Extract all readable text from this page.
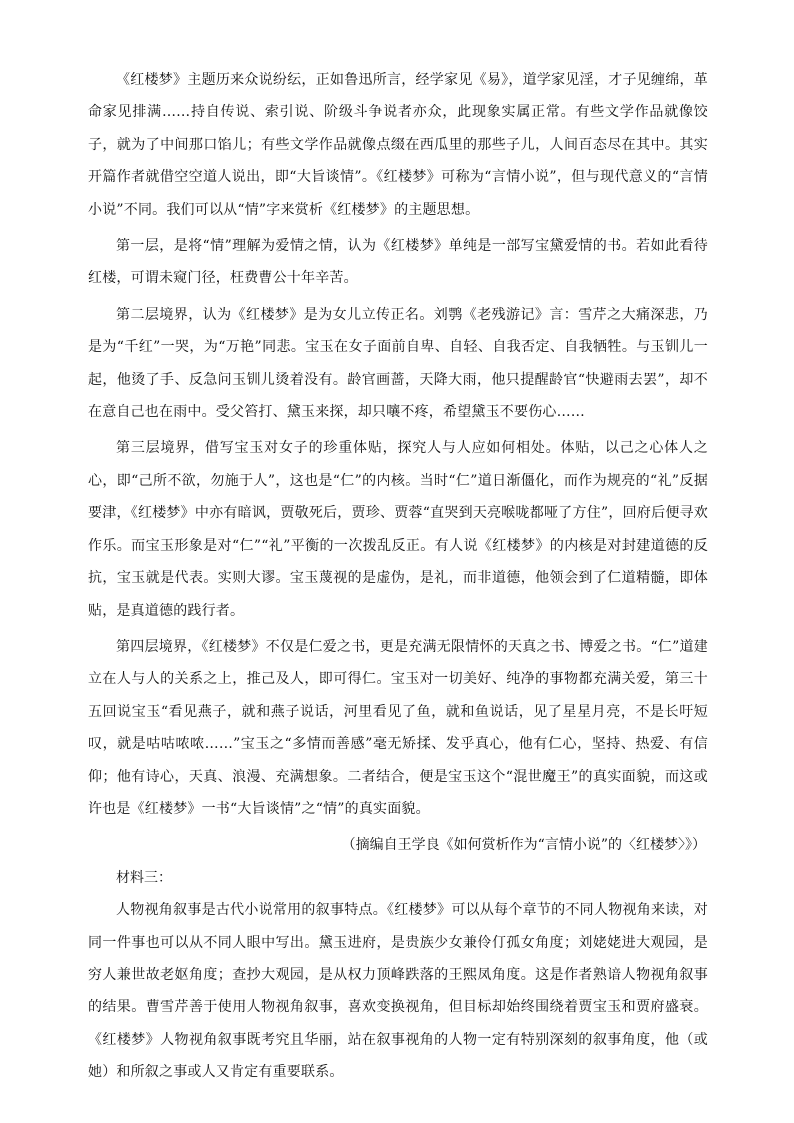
《红楼梦》主题历来众说纷纭，正如鲁迅所言，经学家见《易》，道学家见淫，才子见缠绵，革命家见排满……持自传说、索引说、阶级斗争说者亦众，此现象实属正常。有些文学作品就像饺子，就为了中间那口馅儿；有些文学作品就像点缀在西瓜里的那些子儿，人间百态尽在其中。其实开篇作者就借空空道人说出，即“大旨谈情”。《红楼梦》可称为“言情小说”，但与现代意义的“言情小说”不同。我们可以从“情”字来赏析《红楼梦》的主题思想。

第一层，是将“情”理解为爱情之情，认为《红楼梦》单纯是一部写宝黛爱情的书。若如此看待红楼，可谓未窥门径，枉费曹公十年辛苦。

第二层境界，认为《红楼梦》是为女儿立传正名。刘鹗《老残游记》言：雪芹之大痛深悲，乃是为“千红”一哭，为“万艳”同悲。宝玉在女子面前自卑、自轻、自我否定、自我牺牲。与玉钏儿一起，他烫了手、反急问玉钏儿烫着没有。龄官画蔷，天降大雨，他只提醒龄官“快避雨去罢”，却不在意自己也在雨中。受父笞打、黛玉来探，却只嚷不疼，希望黛玉不要伤心……

第三层境界，借写宝玉对女子的珍重体贴，探究人与人应如何相处。体贴，以己之心体人之心，即“己所不欲，勿施于人”，这也是“仁”的内核。当时“仁”道日渐僵化，而作为规亮的“礼”反据要津，《红楼梦》中亦有暗讽，贾敬死后，贾珍、贾蓉“直哭到天亮喉咙都哑了方住”，回府后便寻欢作乐。而宝玉形象是对“仁”“礼”平衡的一次拨乱反正。有人说《红楼梦》的内核是对封建道德的反抗，宝玉就是代表。实则大谬。宝玉蔑视的是虚伪，是礼，而非道德，他领会到了仁道精髓，即体贴，是真道德的践行者。

第四层境界，《红楼梦》不仅是仁爱之书，更是充满无限情怀的天真之书、博爱之书。“仁”道建立在人与人的关系之上，推己及人，即可得仁。宝玉对一切美好、纯净的事物都充满关爱，第三十五回说宝玉“看见燕子，就和燕子说话，河里看见了鱼，就和鱼说话，见了星星月亮，不是长吁短叹，就是咕咕哝哝……”宝玉之“多情而善感”毫无矫揉、发乎真心，他有仁心，坚持、热爱、有信仰；他有诗心，天真、浪漫、充满想象。二者结合，便是宝玉这个“混世魔王”的真实面貌，而这或许也是《红楼梦》一书“大旨谈情”之“情”的真实面貌。

（摘编自王学良《如何赏析作为“言情小说”的〈红楼梦〉》）

材料三：

人物视角叙事是古代小说常用的叙事特点。《红楼梦》可以从每个章节的不同人物视角来读，对同一件事也可以从不同人眼中写出。黛玉进府，是贵族少女兼伶仃孤女角度；刘姥姥进大观园，是穷人兼世故老妪角度；查抄大观园，是从权力顶峰跌落的王熙凤角度。这是作者熟谙人物视角叙事的结果。曹雪芹善于使用人物视角叙事，喜欢变换视角，但目标却始终围绕着贾宝玉和贾府盛衰。《红楼梦》人物视角叙事既考究且华丽，站在叙事视角的人物一定有特别深刻的叙事角度，他（或她）和所叙之事或人又肯定有重要联系。
